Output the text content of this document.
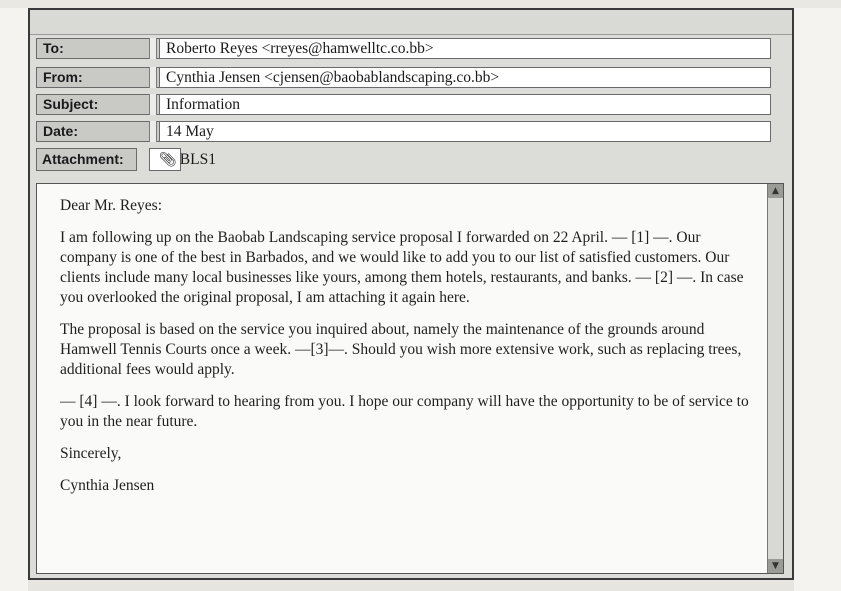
To:	Roberto Reyes <rreyes@hamwelltc.co.bb>
From:	Cynthia Jensen <cjensen@baobablandscaping.co.bb>
Subject:	Information
Date:	14 May
Attachment:	📎︎ BLS1

Dear Mr. Reyes:

I am following up on the Baobab Landscaping service proposal I forwarded on 22 April. — [1] —. Our company is one of the best in Barbados, and we would like to add you to our list of satisfied customers. Our clients include many local businesses like yours, among them hotels, restaurants, and banks. — [2] —. In case you overlooked the original proposal, I am attaching it again here.

The proposal is based on the service you inquired about, namely the maintenance of the grounds around Hamwell Tennis Courts once a week. —[3]—. Should you wish more extensive work, such as replacing trees, additional fees would apply.

— [4] —. I look forward to hearing from you. I hope our company will have the opportunity to be of service to you in the near future.

Sincerely,

Cynthia Jensen

▲
▼
